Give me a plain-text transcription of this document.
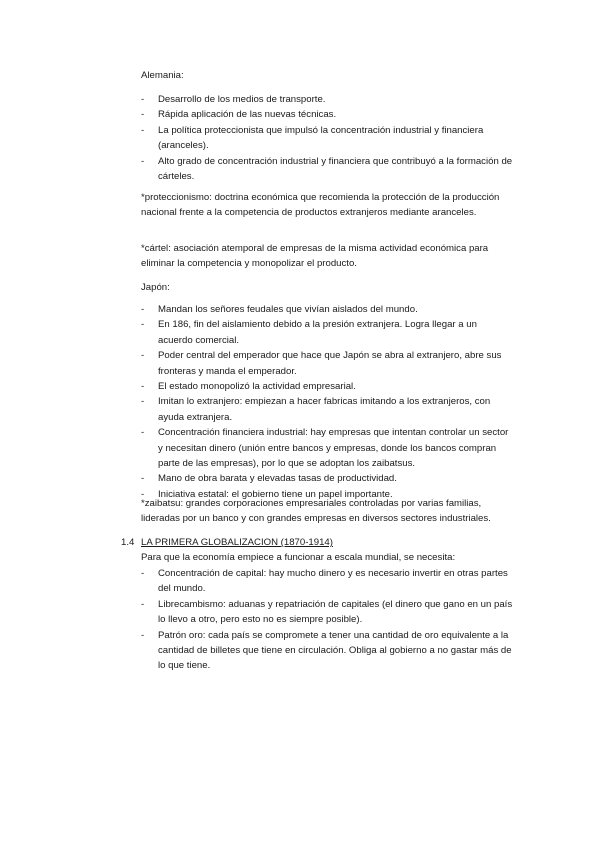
Alemania:

- Desarrollo de los medios de transporte.
- Rápida aplicación de las nuevas técnicas.
- La política proteccionista que impulsó la concentración industrial y financiera (aranceles).
- Alto grado de concentración industrial y financiera que contribuyó a la formación de cárteles.

*proteccionismo: doctrina económica que recomienda la protección de la producción nacional frente a la competencia de productos extranjeros mediante aranceles.

*cártel: asociación atemporal de empresas de la misma actividad económica para eliminar la competencia y monopolizar el producto.

Japón:

- Mandan los señores feudales que vivían aislados del mundo.
- En 186, fin del aislamiento debido a la presión extranjera. Logra llegar a un acuerdo comercial.
- Poder central del emperador que hace que Japón se abra al extranjero, abre sus fronteras y manda el emperador.
- El estado monopolizó la actividad empresarial.
- Imitan lo extranjero: empiezan a hacer fabricas imitando a los extranjeros, con ayuda extranjera.
- Concentración financiera industrial: hay empresas que intentan controlar un sector y necesitan dinero (unión entre bancos y empresas, donde los bancos compran parte de las empresas), por lo que se adoptan los zaibatsus.
- Mano de obra barata y elevadas tasas de productividad.
- Iniciativa estatal: el gobierno tiene un papel importante.

*zaibatsu: grandes corporaciones empresariales controladas por varias familias, lideradas por un banco y con grandes empresas en diversos sectores industriales.

1.4 LA PRIMERA GLOBALIZACION (1870-1914)

Para que la economía empiece a funcionar a escala mundial, se necesita:

- Concentración de capital: hay mucho dinero y es necesario invertir en otras partes del mundo.
- Librecambismo: aduanas y repatriación de capitales (el dinero que gano en un país lo llevo a otro, pero esto no es siempre posible).
- Patrón oro: cada país se compromete a tener una cantidad de oro equivalente a la cantidad de billetes que tiene en circulación. Obliga al gobierno a no gastar más de lo que tiene.
